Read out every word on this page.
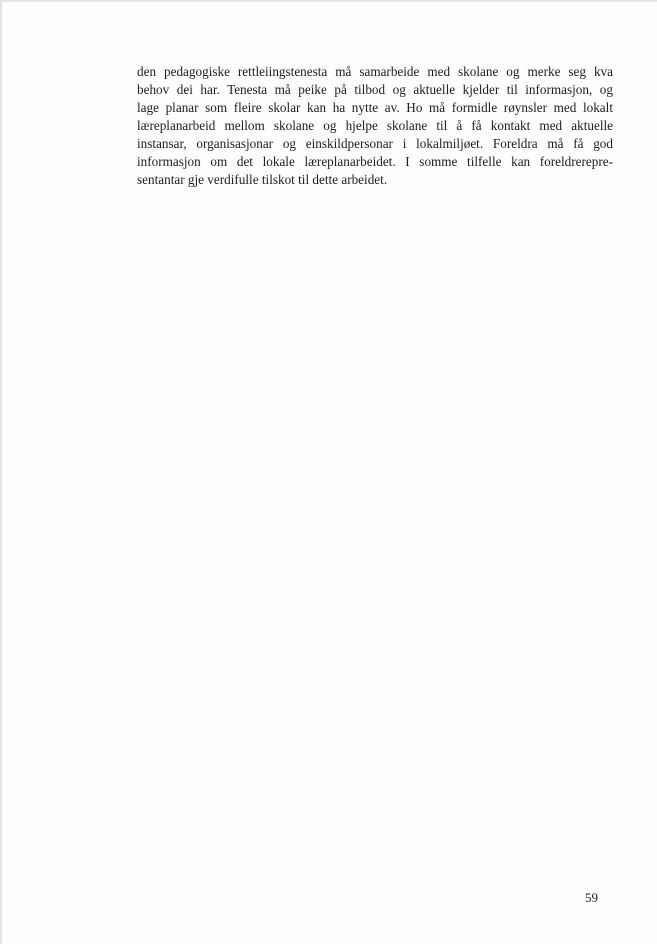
den pedagogiske rettleiingstenesta må samarbeide med skolane og merke seg kva
behov dei har. Tenesta må peike på tilbod og aktuelle kjelder til informasjon, og
lage planar som fleire skolar kan ha nytte av. Ho må formidle røynsler med lokalt
læreplanarbeid mellom skolane og hjelpe skolane til å få kontakt med aktuelle
instansar, organisasjonar og einskildpersonar i lokalmiljøet. Foreldra må få god
informasjon om det lokale læreplanarbeidet. I somme tilfelle kan foreldrerepre-
sentantar gje verdifulle tilskot til dette arbeidet.

59
